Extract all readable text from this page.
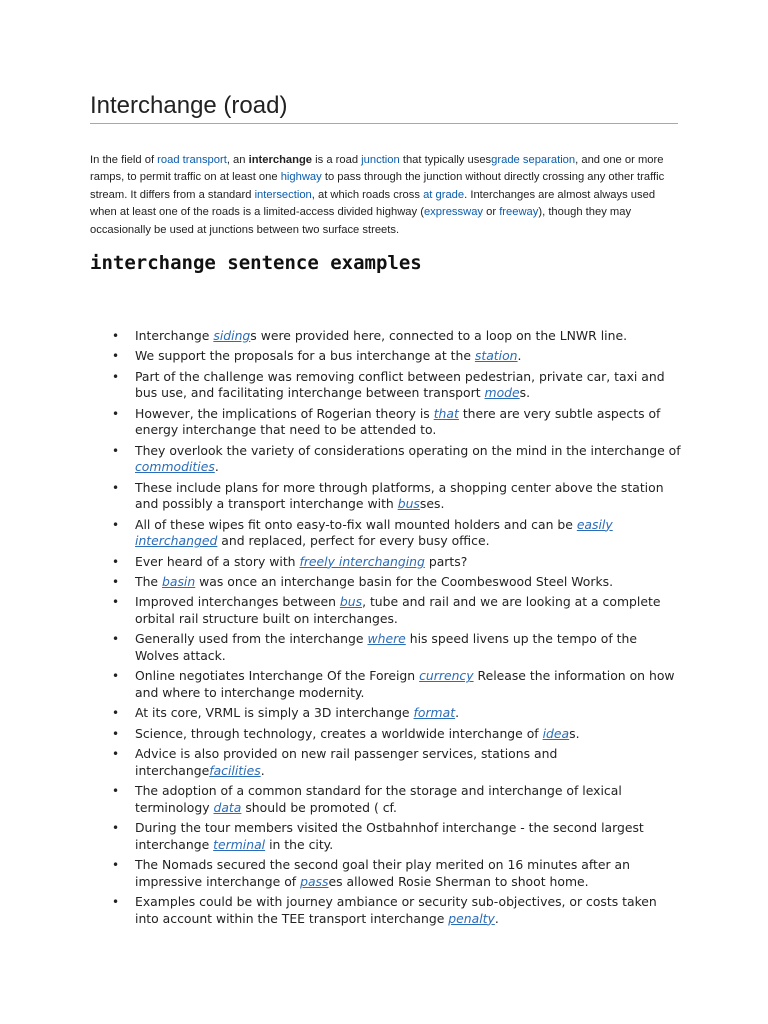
Interchange (road)

In the field of road transport, an interchange is a road junction that typically usesgrade separation, and one or more ramps, to permit traffic on at least one highway to pass through the junction without directly crossing any other traffic stream. It differs from a standard intersection, at which roads cross at grade. Interchanges are almost always used when at least one of the roads is a limited-access divided highway (expressway or freeway), though they may occasionally be used at junctions between two surface streets.

interchange sentence examples
• Interchange sidings were provided here, connected to a loop on the LNWR line.
• We support the proposals for a bus interchange at the station.
• Part of the challenge was removing conflict between pedestrian, private car, taxi and bus use, and facilitating interchange between transport modes.
• However, the implications of Rogerian theory is that there are very subtle aspects of energy interchange that need to be attended to.
• They overlook the variety of considerations operating on the mind in the interchange of commodities.
• These include plans for more through platforms, a shopping center above the station and possibly a transport interchange with busses.
• All of these wipes fit onto easy-to-fix wall mounted holders and can be easily interchanged and replaced, perfect for every busy office.
• Ever heard of a story with freely interchanging parts?
• The basin was once an interchange basin for the Coombeswood Steel Works.
• Improved interchanges between bus, tube and rail and we are looking at a complete orbital rail structure built on interchanges.
• Generally used from the interchange where his speed livens up the tempo of the Wolves attack.
• Online negotiates Interchange Of the Foreign currency Release the information on how and where to interchange modernity.
• At its core, VRML is simply a 3D interchange format.
• Science, through technology, creates a worldwide interchange of ideas.
• Advice is also provided on new rail passenger services, stations and interchangefacilities.
• The adoption of a common standard for the storage and interchange of lexical terminology data should be promoted ( cf.
• During the tour members visited the Ostbahnhof interchange - the second largest interchange terminal in the city.
• The Nomads secured the second goal their play merited on 16 minutes after an impressive interchange of passes allowed Rosie Sherman to shoot home.
• Examples could be with journey ambiance or security sub-objectives, or costs taken into account within the TEE transport interchange penalty.
